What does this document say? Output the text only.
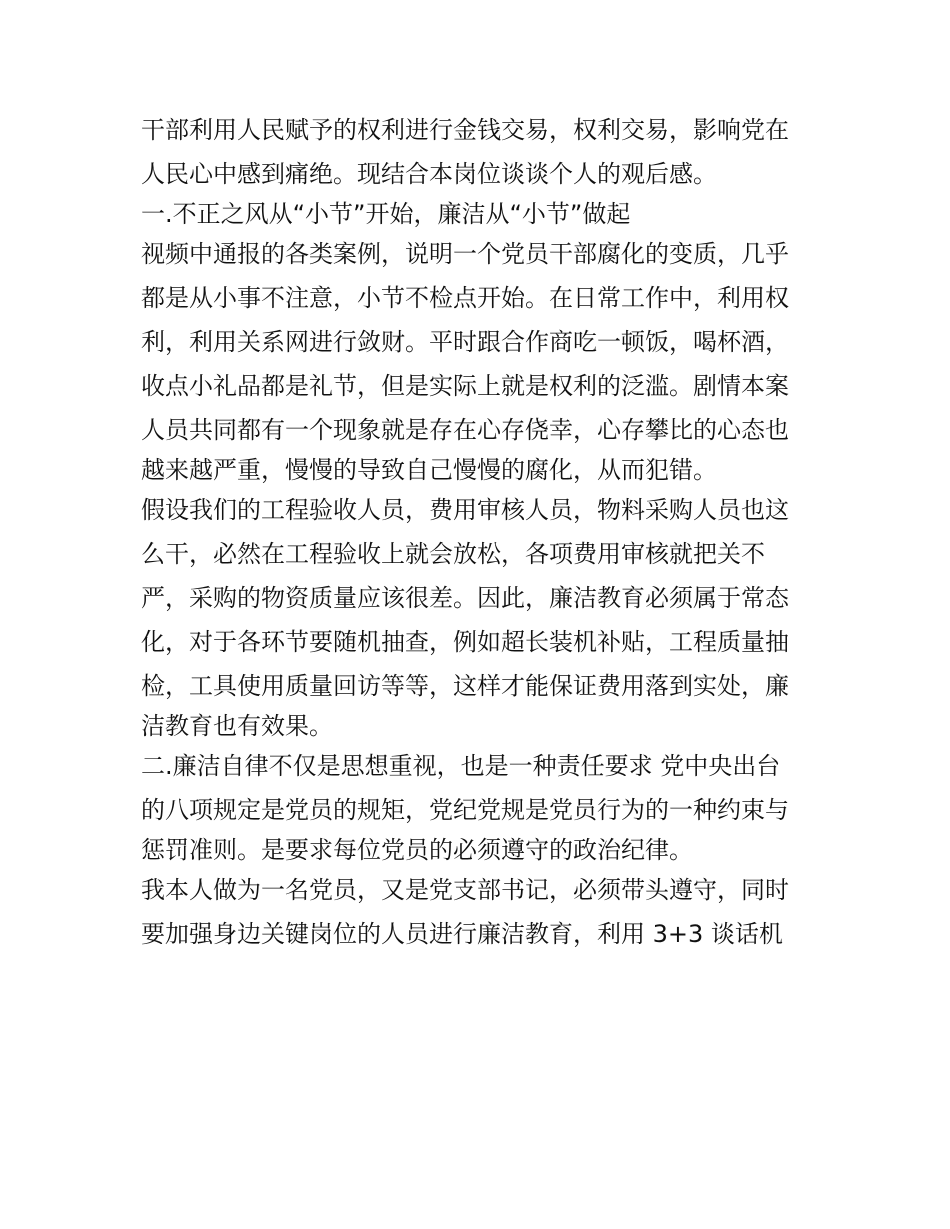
干部利用人民赋予的权利进行金钱交易，权利交易，影响党在

人民心中感到痛绝。现结合本岗位谈谈个人的观后感。

一.不正之风从“小节”开始，廉洁从“小节”做起

视频中通报的各类案例，说明一个党员干部腐化的变质，几乎

都是从小事不注意，小节不检点开始。在日常工作中，利用权

利，利用关系网进行敛财。平时跟合作商吃一顿饭，喝杯酒，

收点小礼品都是礼节，但是实际上就是权利的泛滥。剧情本案

人员共同都有一个现象就是存在心存侥幸，心存攀比的心态也

越来越严重，慢慢的导致自己慢慢的腐化，从而犯错。

假设我们的工程验收人员，费用审核人员，物料采购人员也这

么干，必然在工程验收上就会放松，各项费用审核就把关不

严，采购的物资质量应该很差。因此，廉洁教育必须属于常态

化，对于各环节要随机抽查，例如超长装机补贴，工程质量抽

检，工具使用质量回访等等，这样才能保证费用落到实处，廉

洁教育也有效果。

二.廉洁自律不仅是思想重视，也是一种责任要求 党中央出台

的八项规定是党员的规矩，党纪党规是党员行为的一种约束与

惩罚准则。是要求每位党员的必须遵守的政治纪律。

我本人做为一名党员，又是党支部书记，必须带头遵守，同时

要加强身边关键岗位的人员进行廉洁教育，利用 3+3 谈话机
